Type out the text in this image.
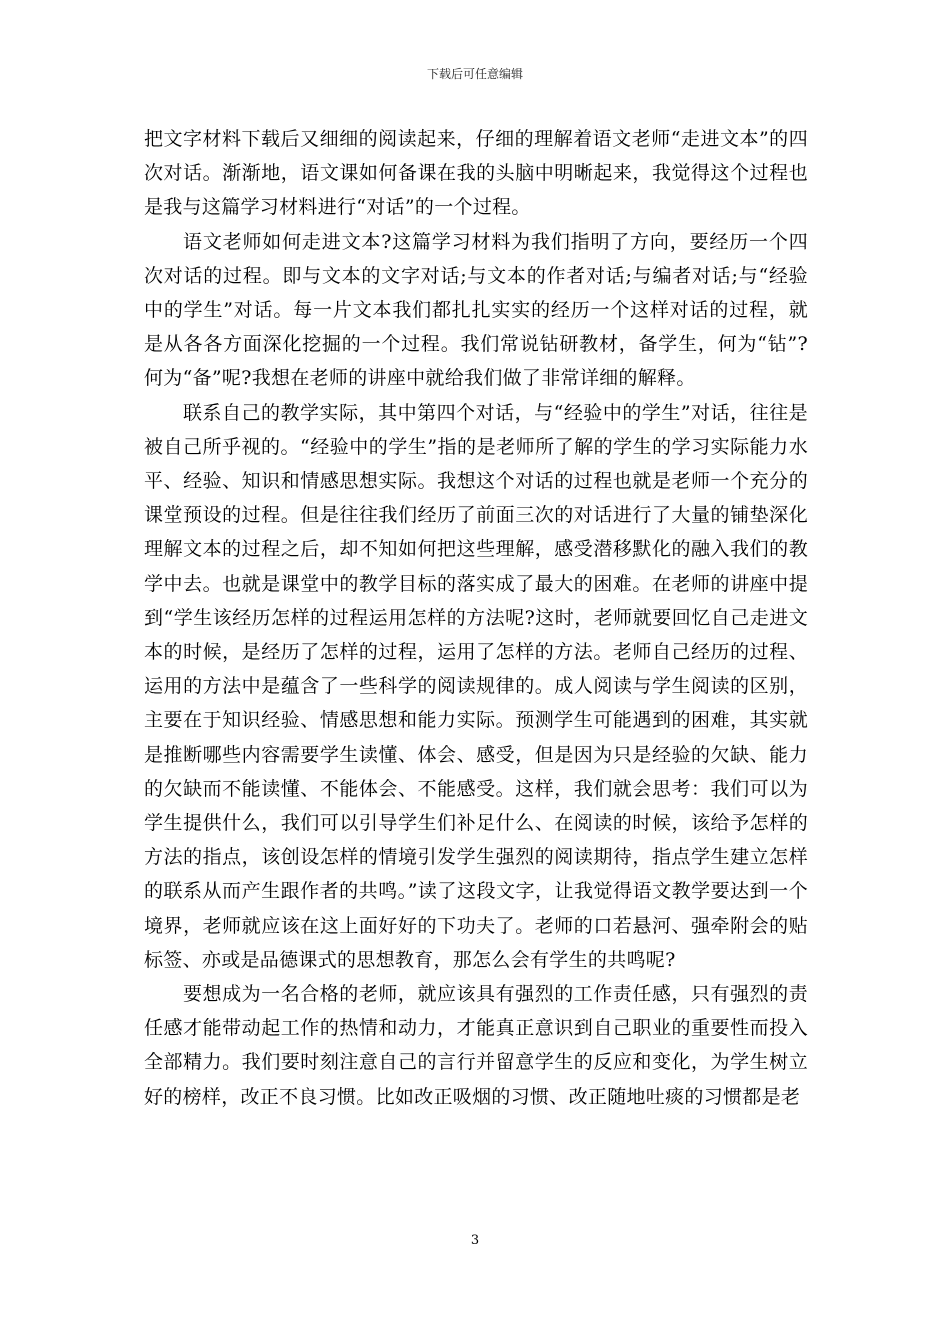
下载后可任意编辑

把文字材料下载后又细细的阅读起来，仔细的理解着语文老师“走进文本”的四次对话。渐渐地，语文课如何备课在我的头脑中明晰起来，我觉得这个过程也是我与这篇学习材料进行“对话”的一个过程。

语文老师如何走进文本?这篇学习材料为我们指明了方向，要经历一个四次对话的过程。即与文本的文字对话;与文本的作者对话;与编者对话;与“经验中的学生”对话。每一片文本我们都扎扎实实的经历一个这样对话的过程，就是从各各方面深化挖掘的一个过程。我们常说钻研教材，备学生，何为“钻”?何为“备”呢?我想在老师的讲座中就给我们做了非常详细的解释。

联系自己的教学实际，其中第四个对话，与“经验中的学生”对话，往往是被自己所乎视的。“经验中的学生”指的是老师所了解的学生的学习实际能力水平、经验、知识和情感思想实际。我想这个对话的过程也就是老师一个充分的课堂预设的过程。但是往往我们经历了前面三次的对话进行了大量的铺垫深化理解文本的过程之后，却不知如何把这些理解，感受潜移默化的融入我们的教学中去。也就是课堂中的教学目标的落实成了最大的困难。在老师的讲座中提到“学生该经历怎样的过程运用怎样的方法呢?这时，老师就要回忆自己走进文本的时候，是经历了怎样的过程，运用了怎样的方法。老师自己经历的过程、运用的方法中是蕴含了一些科学的阅读规律的。成人阅读与学生阅读的区别，主要在于知识经验、情感思想和能力实际。预测学生可能遇到的困难，其实就是推断哪些内容需要学生读懂、体会、感受，但是因为只是经验的欠缺、能力的欠缺而不能读懂、不能体会、不能感受。这样，我们就会思考：我们可以为学生提供什么，我们可以引导学生们补足什么、在阅读的时候，该给予怎样的方法的指点，该创设怎样的情境引发学生强烈的阅读期待，指点学生建立怎样的联系从而产生跟作者的共鸣。”读了这段文字，让我觉得语文教学要达到一个境界，老师就应该在这上面好好的下功夫了。老师的口若悬河、强牵附会的贴标签、亦或是品德课式的思想教育，那怎么会有学生的共鸣呢?

要想成为一名合格的老师，就应该具有强烈的工作责任感，只有强烈的责任感才能带动起工作的热情和动力，才能真正意识到自己职业的重要性而投入全部精力。我们要时刻注意自己的言行并留意学生的反应和变化，为学生树立好的榜样，改正不良习惯。比如改正吸烟的习惯、改正随地吐痰的习惯都是老

3
